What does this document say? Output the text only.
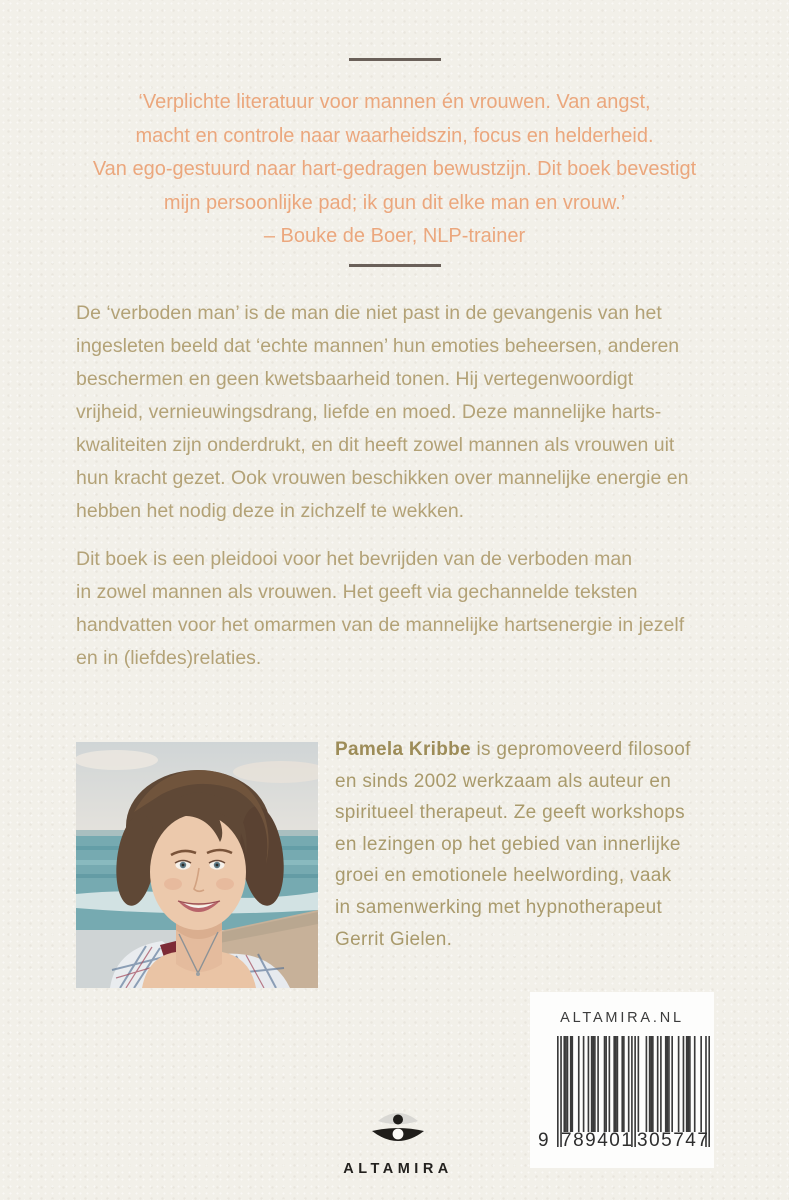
‘Verplichte literatuur voor mannen én vrouwen. Van angst,
macht en controle naar waarheidszin, focus en helderheid.
Van ego-gestuurd naar hart-gedragen bewustzijn. Dit boek bevestigt
mijn persoonlijke pad; ik gun dit elke man en vrouw.’
– Bouke de Boer, NLP-trainer
De ‘verboden man’ is de man die niet past in de gevangenis van het
ingesleten beeld dat ‘echte mannen’ hun emoties beheersen, anderen
beschermen en geen kwetsbaarheid tonen. Hij vertegenwoordigt
vrijheid, vernieuwingsdrang, liefde en moed. Deze mannelijke harts-
kwaliteiten zijn onderdrukt, en dit heeft zowel mannen als vrouwen uit
hun kracht gezet. Ook vrouwen beschikken over mannelijke energie en
hebben het nodig deze in zichzelf te wekken.
Dit boek is een pleidooi voor het bevrijden van de verboden man
in zowel mannen als vrouwen. Het geeft via gechannelde teksten
handvatten voor het omarmen van de mannelijke hartsenergie in jezelf
en in (liefdes)relaties.
Pamela Kribbe is gepromoveerd filosoof
en sinds 2002 werkzaam als auteur en
spiritueel therapeut. Ze geeft workshops
en lezingen op het gebied van innerlijke
groei en emotionele heelwording, vaak
in samenwerking met hypnotherapeut
Gerrit Gielen.
ALTAMIRA
ALTAMIRA.NL
9 789401 305747
